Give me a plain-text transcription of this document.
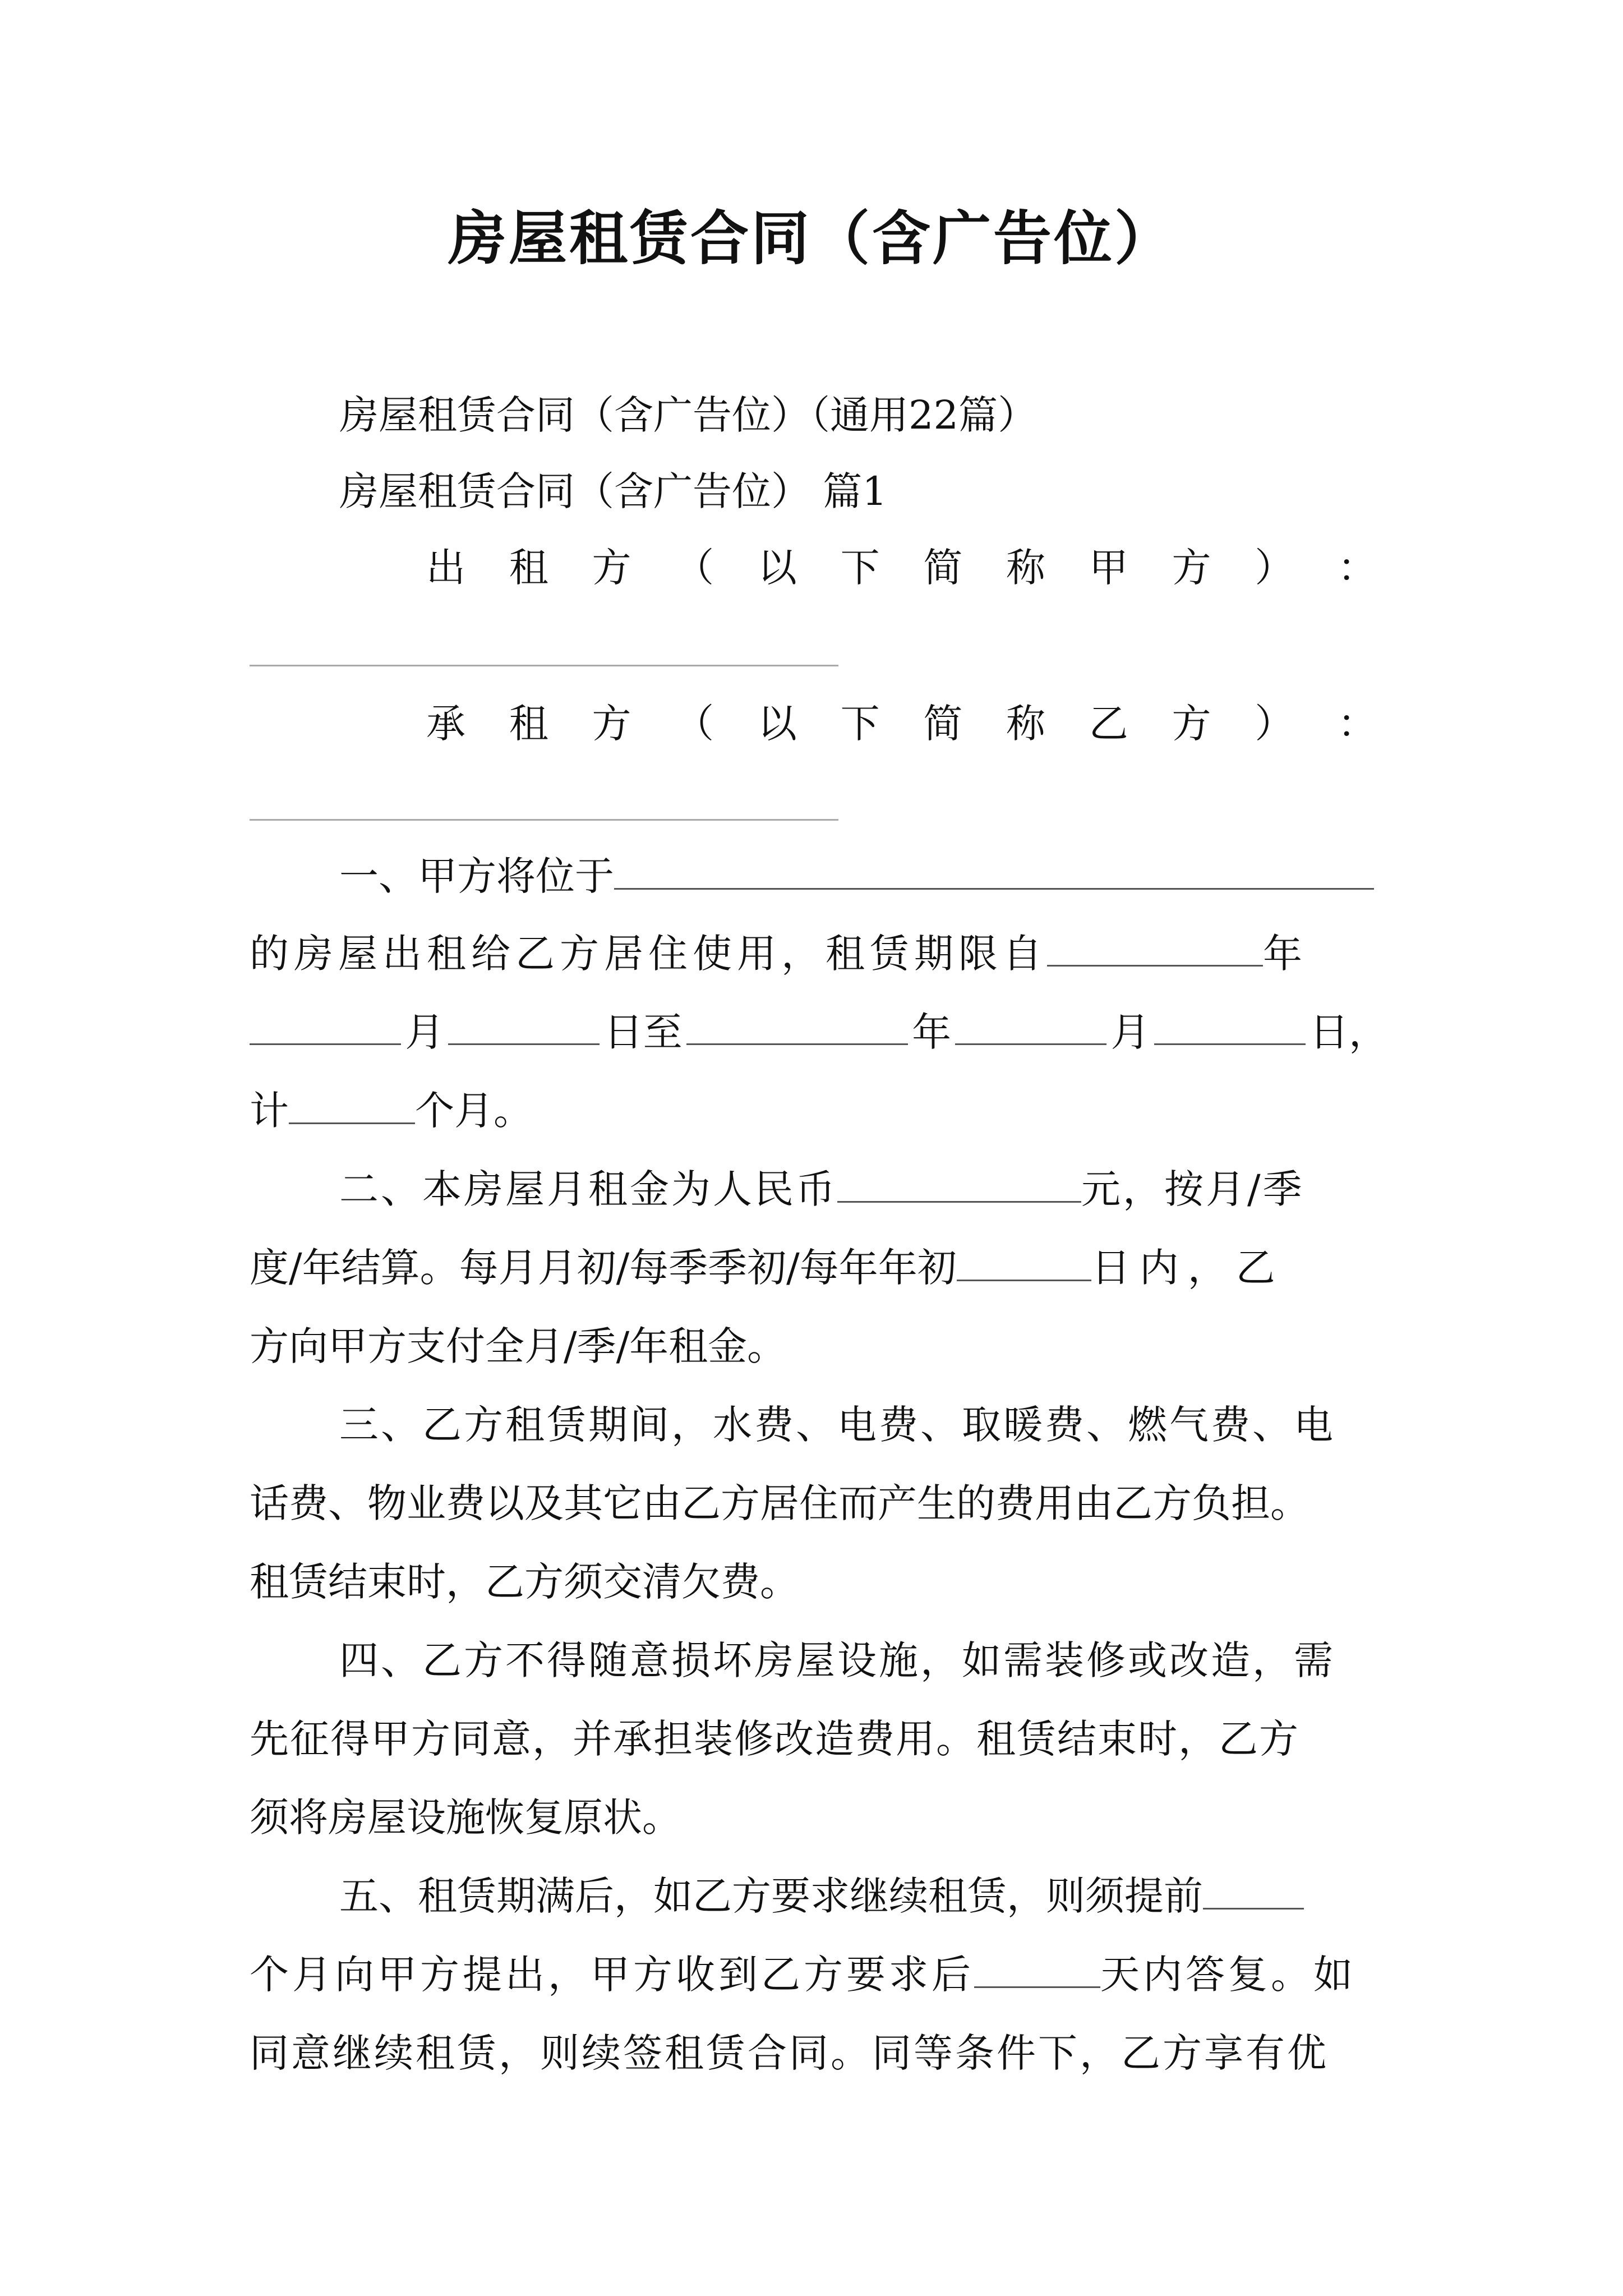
房屋租赁合同（含广告位）
房屋租赁合同（含广告位）（通用22篇）
房屋租赁合同（含广告位） 篇1
出 租 方 （ 以 下 简 称 甲 方 ） ：
承 租 方 （ 以 下 简 称 乙 方 ） ：
一、甲方将位于
的房屋出租给乙方居住使用，租赁期限自	年
月	日至	年	月	日，
计	个月。
二、本房屋月租金为人民币	元，按月/季
度/年结算。每月月初/每季季初/每年年初	日内，乙
方向甲方支付全月/季/年租金。
三、乙方租赁期间，水费、电费、取暖费、燃气费、电
话费、物业费以及其它由乙方居住而产生的费用由乙方负担。
租赁结束时，乙方须交清欠费。
四、乙方不得随意损坏房屋设施，如需装修或改造，需
先征得甲方同意，并承担装修改造费用。租赁结束时，乙方
须将房屋设施恢复原状。
五、租赁期满后，如乙方要求继续租赁，则须提前
个月向甲方提出，甲方收到乙方要求后	天内答复。如
同意继续租赁，则续签租赁合同。同等条件下，乙方享有优
